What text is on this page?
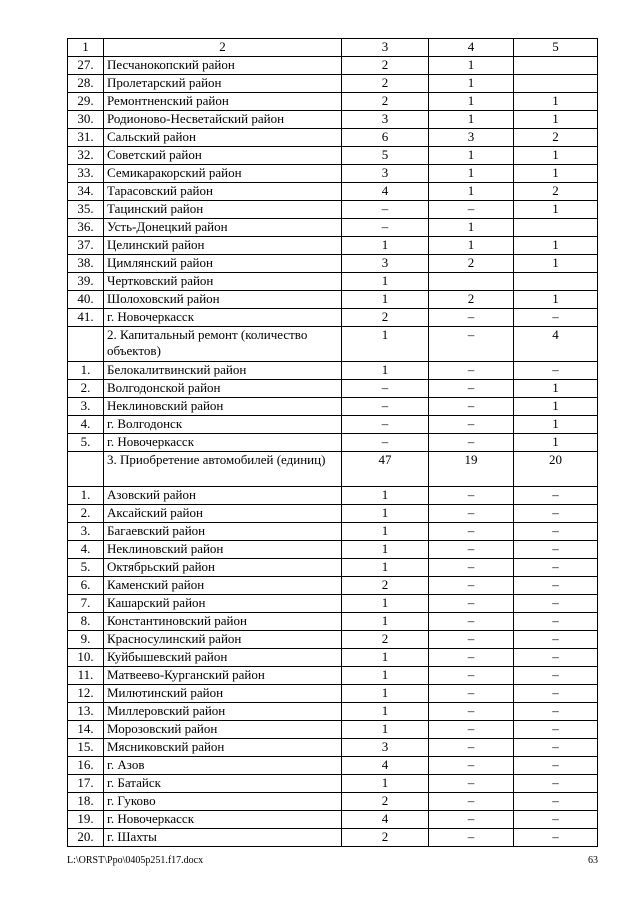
1	2	3	4	5
27.	Песчанокопский район	2	1	
28.	Пролетарский район	2	1	
29.	Ремонтненский район	2	1	1
30.	Родионово-Несветайский район	3	1	1
31.	Сальский район	6	3	2
32.	Советский район	5	1	1
33.	Семикаракорский район	3	1	1
34.	Тарасовский район	4	1	2
35.	Тацинский район	–	–	1
36.	Усть-Донецкий район	–	1	
37.	Целинский район	1	1	1
38.	Цимлянский район	3	2	1
39.	Чертковский район	1		
40.	Шолоховский район	1	2	1
41.	г. Новочеркасск	2	–	–
	2. Капитальный ремонт (количество объектов)	1	–	4
1.	Белокалитвинский район	1	–	–
2.	Волгодонской район	–	–	1
3.	Неклиновский район	–	–	1
4.	г. Волгодонск	–	–	1
5.	г. Новочеркасск	–	–	1
	3. Приобретение автомобилей (единиц)	47	19	20
1.	Азовский район	1	–	–
2.	Аксайский район	1	–	–
3.	Багаевский район	1	–	–
4.	Неклиновский район	1	–	–
5.	Октябрьский район	1	–	–
6.	Каменский район	2	–	–
7.	Кашарский район	1	–	–
8.	Константиновский район	1	–	–
9.	Красносулинский район	2	–	–
10.	Куйбышевский район	1	–	–
11.	Матвеево-Курганский район	1	–	–
12.	Милютинский район	1	–	–
13.	Миллеровский район	1	–	–
14.	Морозовский район	1	–	–
15.	Мясниковский район	3	–	–
16.	г. Азов	4	–	–
17.	г. Батайск	1	–	–
18.	г. Гуково	2	–	–
19.	г. Новочеркасск	4	–	–
20.	г. Шахты	2	–	–
L:\ORST\Ppo\0405p251.f17.docx	63
